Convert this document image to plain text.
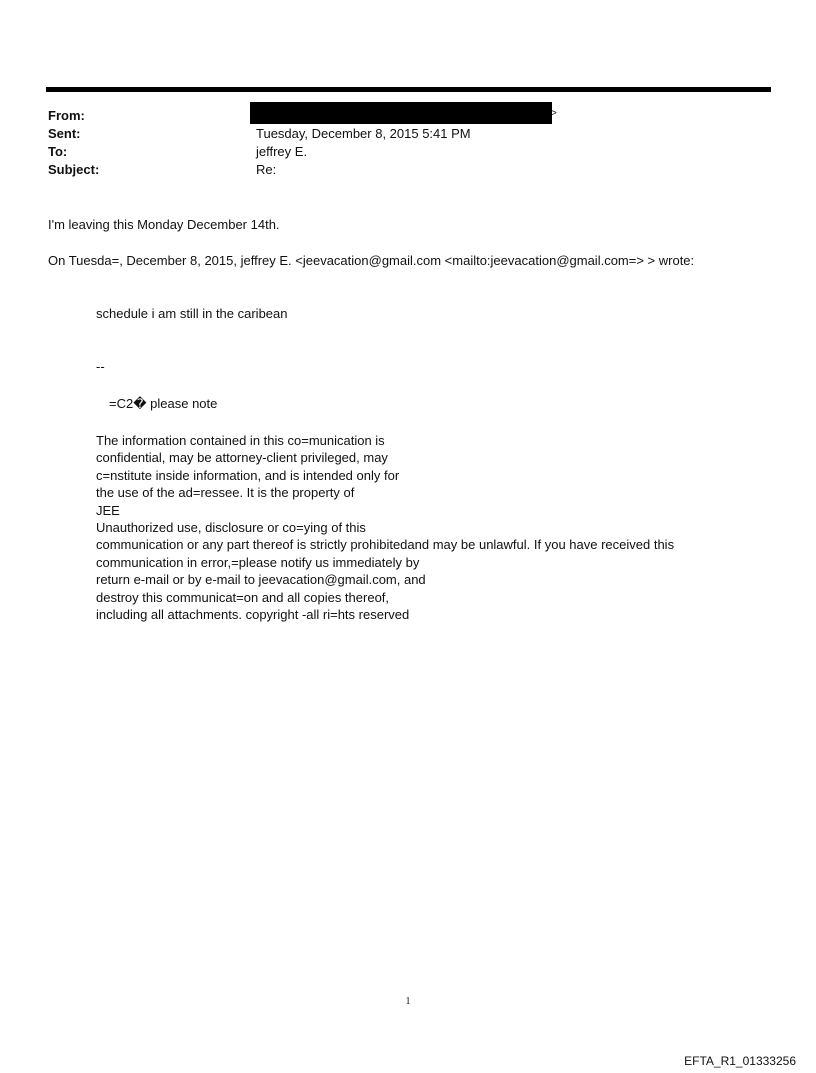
From:	>
Sent:	Tuesday, December 8, 2015 5:41 PM
To:	jeffrey E.
Subject:	Re:
I'm leaving this Monday December 14th.
On Tuesda=, December 8, 2015, jeffrey E. <jeevacation@gmail.com <mailto:jeevacation@gmail.com=> > wrote:
schedule i am still in the caribean
--
=C2� please note
The information contained in this co=munication is
confidential, may be attorney-client privileged, may
c=nstitute inside information, and is intended only for
the use of the ad=ressee. It is the property of
JEE
Unauthorized use, disclosure or co=ying of this
communication or any part thereof is strictly prohibitedand may be unlawful. If you have received this
communication in error,=please notify us immediately by
return e-mail or by e-mail to jeevacation@gmail.com, and
destroy this communicat=on and all copies thereof,
including all attachments. copyright -all ri=hts reserved
1
EFTA_R1_01333256
